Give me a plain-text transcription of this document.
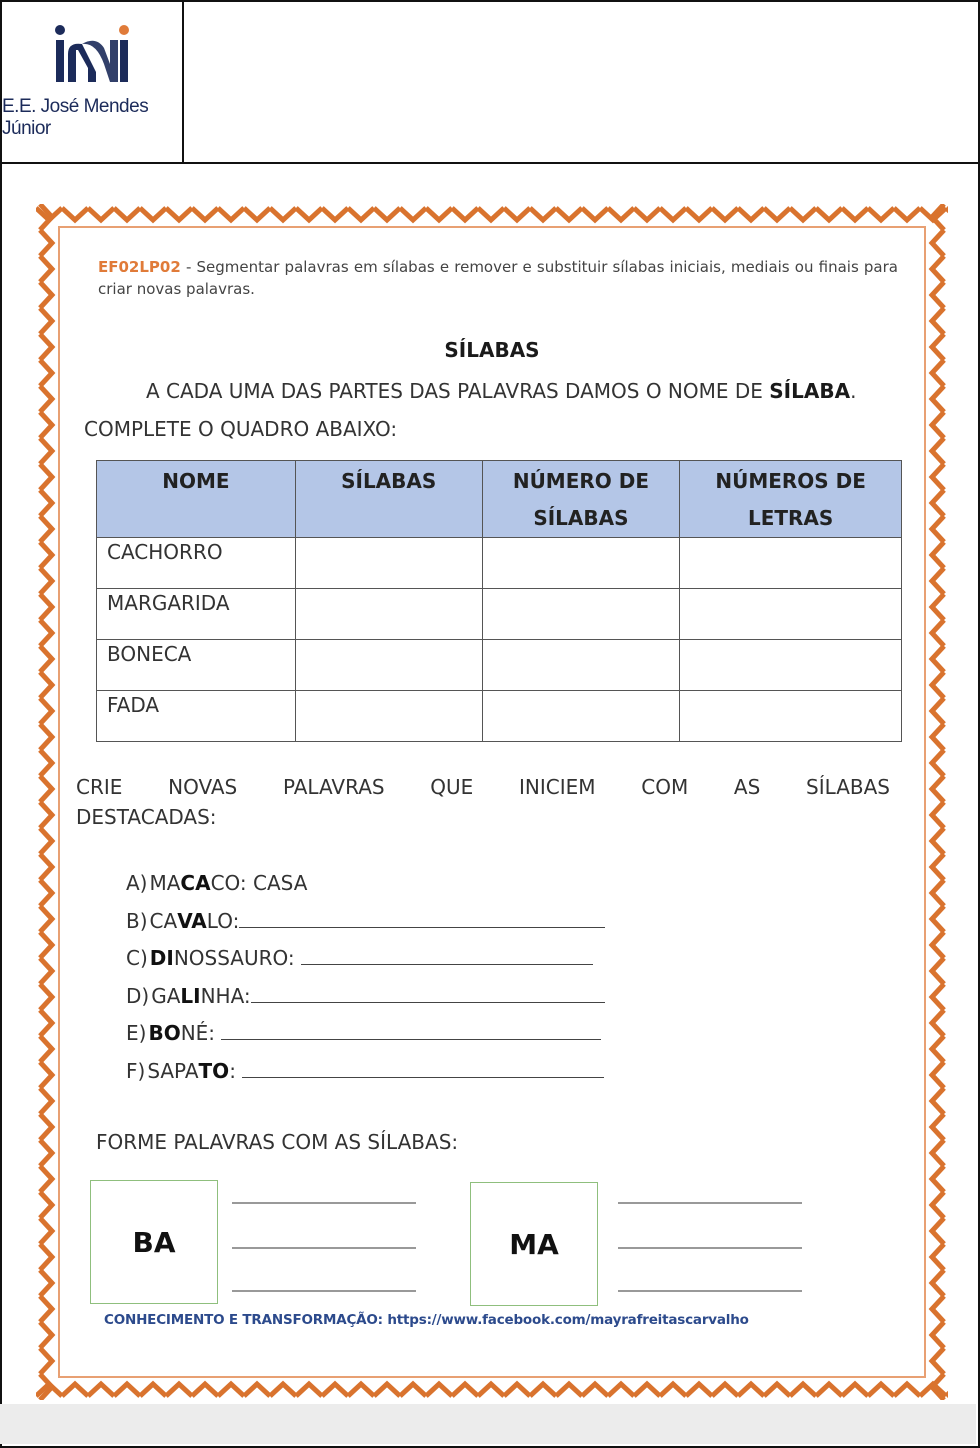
E.E. José Mendes Júnior
EF02LP02 - Segmentar palavras em sílabas e remover e substituir sílabas iniciais, mediais ou finais para criar novas palavras.
SÍLABAS
A CADA UMA DAS PARTES DAS PALAVRAS DAMOS O NOME DE SÍLABA. COMPLETE O QUADRO ABAIXO:
NOME	SÍLABAS	NÚMERO DE SÍLABAS	NÚMEROS DE LETRAS
CACHORRO			
MARGARIDA			
BONECA			
FADA			
CRIE NOVAS PALAVRAS QUE INICIEM COM AS SÍLABAS
DESTACADAS:
A)  MACACO: CASA
B)  CAVALO:
C)  DINOSSAURO:
D)  GALINHA:
E)  BONÉ:
F)  SAPATO:
FORME PALAVRAS COM AS SÍLABAS:
BA	MA
CONHECIMENTO E TRANSFORMAÇÃO: https://www.facebook.com/mayrafreitascarvalho
